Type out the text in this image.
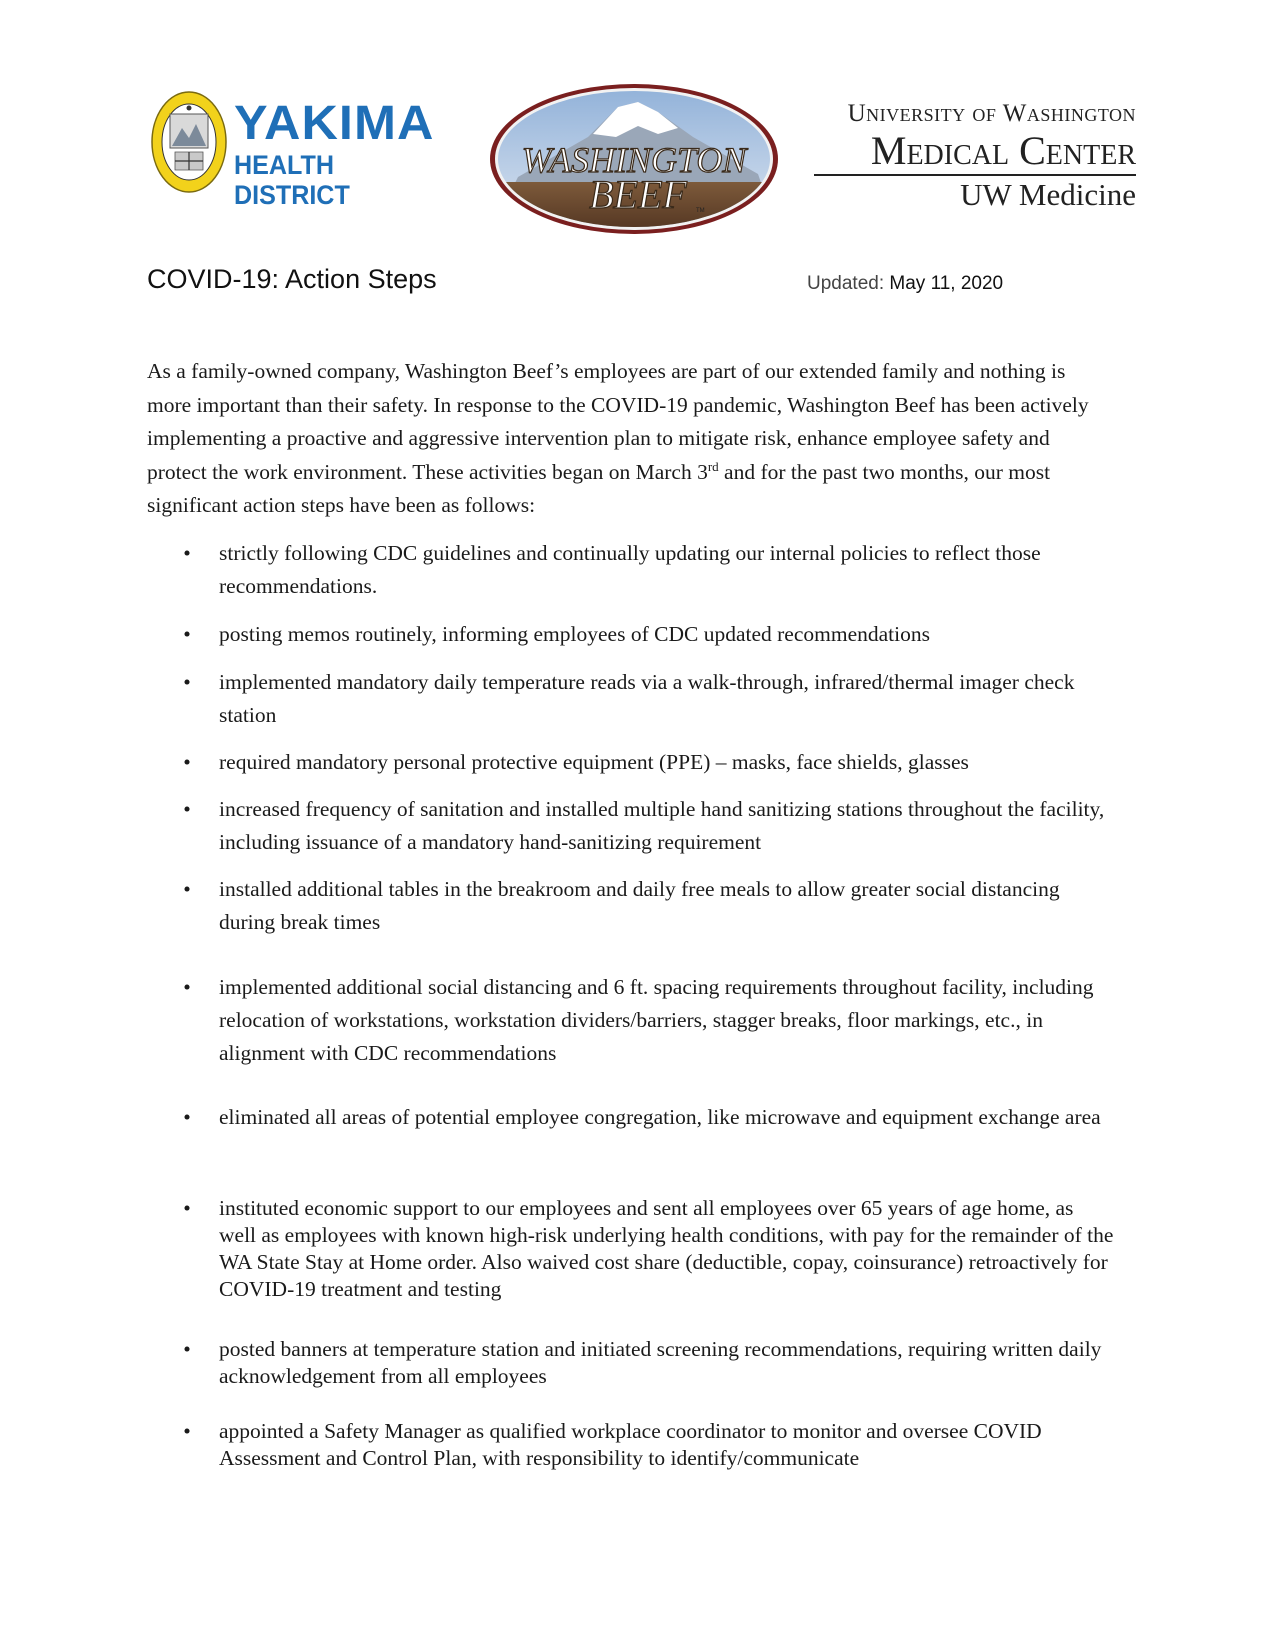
YAKIMA
HEALTH DISTRICT
WASHINGTON
BEEF TM
University of Washington
Medical Center
UW Medicine
COVID-19: Action Steps	Updated: May 11, 2020
As a family-owned company, Washington Beef’s employees are part of our extended family and nothing is more important than their safety. In response to the COVID-19 pandemic, Washington Beef has been actively implementing a proactive and aggressive intervention plan to mitigate risk, enhance employee safety and protect the work environment. These activities began on March 3rd and for the past two months, our most significant action steps have been as follows:
• strictly following CDC guidelines and continually updating our internal policies to reflect those recommendations.
• posting memos routinely, informing employees of CDC updated recommendations
• implemented mandatory daily temperature reads via a walk-through, infrared/thermal imager check station
• required mandatory personal protective equipment (PPE) – masks, face shields, glasses
• increased frequency of sanitation and installed multiple hand sanitizing stations throughout the facility, including issuance of a mandatory hand-sanitizing requirement
• installed additional tables in the breakroom and daily free meals to allow greater social distancing during break times
• implemented additional social distancing and 6 ft. spacing requirements throughout facility, including relocation of workstations, workstation dividers/barriers, stagger breaks, floor markings, etc., in alignment with CDC recommendations
• eliminated all areas of potential employee congregation, like microwave and equipment exchange area
• instituted economic support to our employees and sent all employees over 65 years of age home, as well as employees with known high-risk underlying health conditions, with pay for the remainder of the WA State Stay at Home order. Also waived cost share (deductible, copay, coinsurance) retroactively for COVID-19 treatment and testing
• posted banners at temperature station and initiated screening recommendations, requiring written daily acknowledgement from all employees
• appointed a Safety Manager as qualified workplace coordinator to monitor and oversee COVID Assessment and Control Plan, with responsibility to identify/communicate
